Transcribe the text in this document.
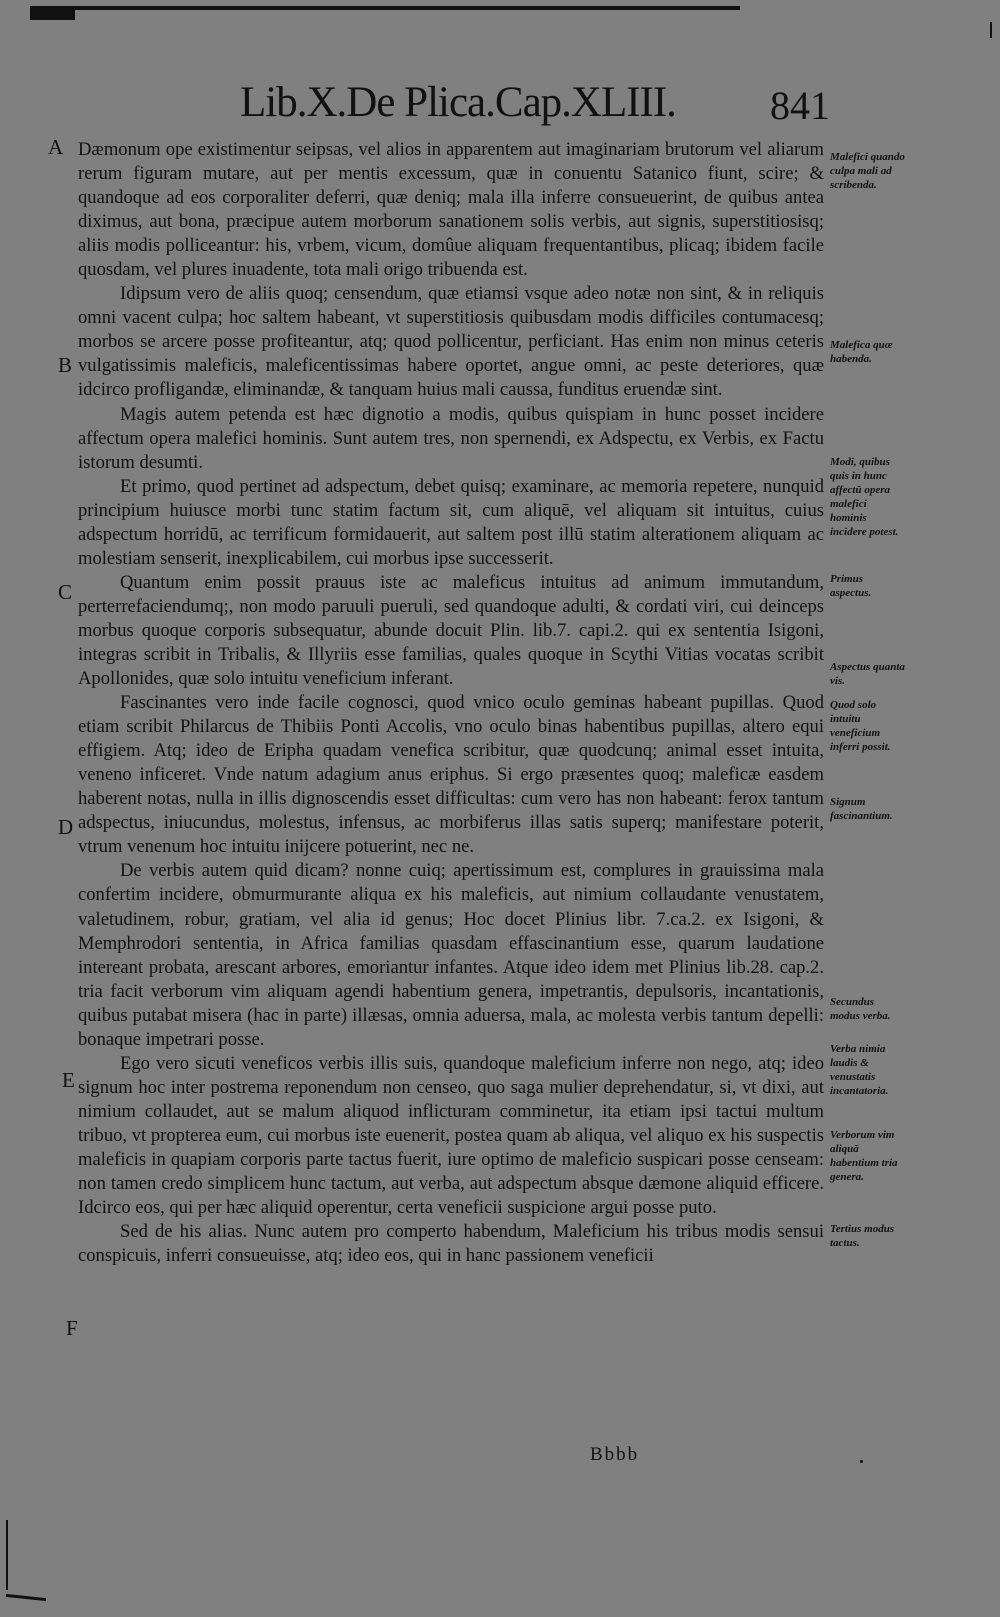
Lib.X.De Plica.Cap.XLIII. 841
A
B
C
D
E
F

Dæmonum ope existimentur seipsas, vel alios in apparentem aut imaginariam brutorum vel aliarum rerum figuram mutare, aut per mentis excessum, quæ in conuentu Satanico fiunt, scire; & quandoque ad eos corporaliter deferri, quæ deniq; mala illa inferre consueuerint, de quibus antea diximus, aut bona, præcipue autem morborum sanationem solis verbis, aut signis, superstitiosisq; aliis modis polliceantur: his, vrbem, vicum, domûue aliquam frequentantibus, plicaq; ibidem facile quosdam, vel plures inuadente, tota mali origo tribuenda est.

Idipsum vero de aliis quoq; censendum, quæ etiamsi vsque adeo notæ non sint, & in reliquis omni vacent culpa; hoc saltem habeant, vt superstitiosis quibusdam modis difficiles contumacesq; morbos se arcere posse profiteantur, atq; quod pollicentur, perficiant. Has enim non minus ceteris vulgatissimis maleficis, maleficentissimas habere oportet, angue omni, ac peste deteriores, quæ idcirco profligandæ, eliminandæ, & tanquam huius mali caussa, funditus eruendæ sint.

Magis autem petenda est hæc dignotio a modis, quibus quispiam in hunc posset incidere affectum opera malefici hominis. Sunt autem tres, non spernendi, ex Adspectu, ex Verbis, ex Factu istorum desumti.

Et primo, quod pertinet ad adspectum, debet quisq; examinare, ac memoria repetere, nunquid principium huiusce morbi tunc statim factum sit, cum aliquē, vel aliquam sit intuitus, cuius adspectum horridū, ac terrificum formidauerit, aut saltem post illū statim alterationem aliquam ac molestiam senserit, inexplicabilem, cui morbus ipse successerit.

Quantum enim possit prauus iste ac maleficus intuitus ad animum immutandum, perterrefaciendumq;, non modo paruuli pueruli, sed quandoque adulti, & cordati viri, cui deinceps morbus quoque corporis subsequatur, abunde docuit Plin. lib.7. capi.2. qui ex sententia Isigoni, integras scribit in Tribalis, & Illyriis esse familias, quales quoque in Scythi Vitias vocatas scribit Apollonides, quæ solo intuitu veneficium inferant.

Fascinantes vero inde facile cognosci, quod vnico oculo geminas habeant pupillas. Quod etiam scribit Philarcus de Thibiis Ponti Accolis, vno oculo binas habentibus pupillas, altero equi effigiem. Atq; ideo de Eripha quadam venefica scribitur, quæ quodcunq; animal esset intuita, veneno inficeret. Vnde natum adagium anus eriphus. Si ergo præsentes quoq; maleficæ easdem haberent notas, nulla in illis dignoscendis esset difficultas: cum vero has non habeant: ferox tantum adspectus, iniucundus, molestus, infensus, ac morbiferus illas satis superq; manifestare poterit, vtrum venenum hoc intuitu inijcere potuerint, nec ne.

De verbis autem quid dicam? nonne cuiq; apertissimum est, complures in grauissima mala confertim incidere, obmurmurante aliqua ex his maleficis, aut nimium collaudante venustatem, valetudinem, robur, gratiam, vel alia id genus; Hoc docet Plinius libr. 7.ca.2. ex Isigoni, & Memphrodori sententia, in Africa familias quasdam effascinantium esse, quarum laudatione intereant probata, arescant arbores, emoriantur infantes. Atque ideo idem met Plinius lib.28. cap.2. tria facit verborum vim aliquam agendi habentium genera, impetrantis, depulsoris, incantationis, quibus putabat misera (hac in parte) illæsas, omnia aduersa, mala, ac molesta verbis tantum depelli: bonaque impetrari posse.

Ego vero sicuti veneficos verbis illis suis, quandoque maleficium inferre non nego, atq; ideo signum hoc inter postrema reponendum non censeo, quo saga mulier deprehendatur, si, vt dixi, aut nimium collaudet, aut se malum aliquod inflicturam comminetur, ita etiam ipsi tactui multum tribuo, vt propterea eum, cui morbus iste euenerit, postea quam ab aliqua, vel aliquo ex his suspectis maleficis in quapiam corporis parte tactus fuerit, iure optimo de maleficio suspicari posse censeam: non tamen credo simplicem hunc tactum, aut verba, aut adspectum absque dæmone aliquid efficere. Idcirco eos, qui per hæc aliquid operentur, certa veneficii suspicione argui posse puto.

Sed de his alias. Nunc autem pro comperto habendum, Maleficium his tribus modis sensui conspicuis, inferri consueuisse, atq; ideo eos, qui in hanc passionem veneficii

Malefici quando culpa mali ad scribenda.
Malefica quæ habenda.
Modi, quibus quis in hunc affectū opera malefici hominis incidere potest.
Primus aspectus.
Aspectus quanta vis.
Quod solo intuitu veneficium inferri possit.
Signum fascinantium.
Secundus modus verba.
Verba nimia laudis & venustatis incantatoria.
Verborum vim aliquā habentium tria genera.
Tertius modus tactus.
Bbbb
